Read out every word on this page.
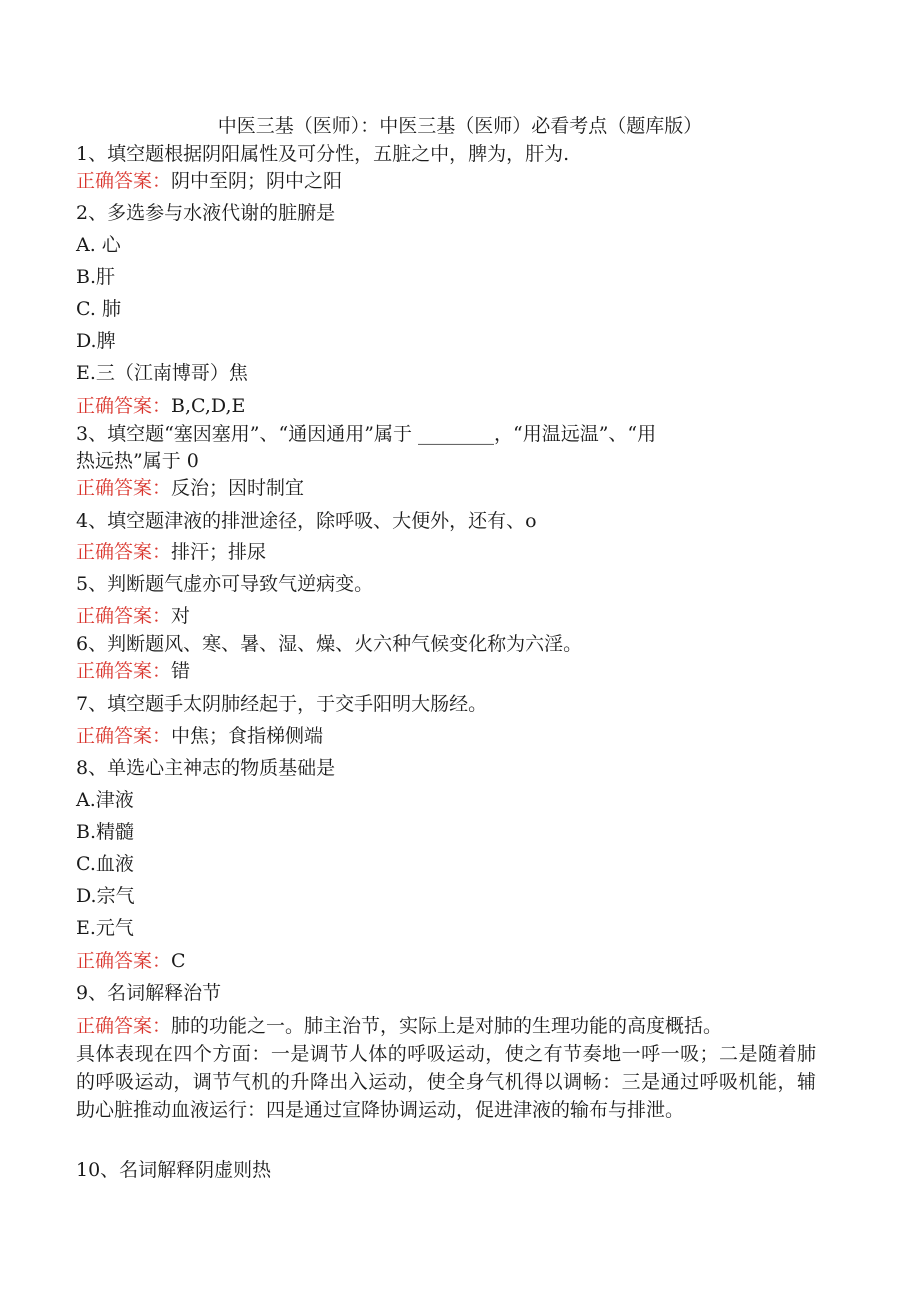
中医三基（医师）：中医三基（医师）必看考点（题库版）
1、填空题根据阴阳属性及可分性，五脏之中，脾为，肝为.
正确答案：阴中至阴；阴中之阳
2、多选参与水液代谢的脏腑是
A. 心
B.肝
C. 肺
D.脾
E.三（江南博哥）焦
正确答案：B,C,D,E
3、填空题“塞因塞用”、“通因通用”属于 ________，“用温远温”、“用
热远热”属于 0
正确答案：反治；因时制宜
4、填空题津液的排泄途径，除呼吸、大便外，还有、o
正确答案：排汗；排尿
5、判断题气虚亦可导致气逆病变。
正确答案：对
6、判断题风、寒、暑、湿、燥、火六种气候变化称为六淫。
正确答案：错
7、填空题手太阴肺经起于，于交手阳明大肠经。
正确答案：中焦；食指梯侧端
8、单选心主神志的物质基础是
A.津液
B.精髓
C.血液
D.宗气
E.元气
正确答案：C
9、名词解释治节
正确答案：肺的功能之一。肺主治节，实际上是对肺的生理功能的高度概括。
具体表现在四个方面：一是调节人体的呼吸运动，使之有节奏地一呼一吸；二是随着肺的呼吸运动，调节气机的升降出入运动，使全身气机得以调畅：三是通过呼吸机能，辅助心脏推动血液运行：四是通过宣降协调运动，促进津液的输布与排泄。
10、名词解释阴虚则热
